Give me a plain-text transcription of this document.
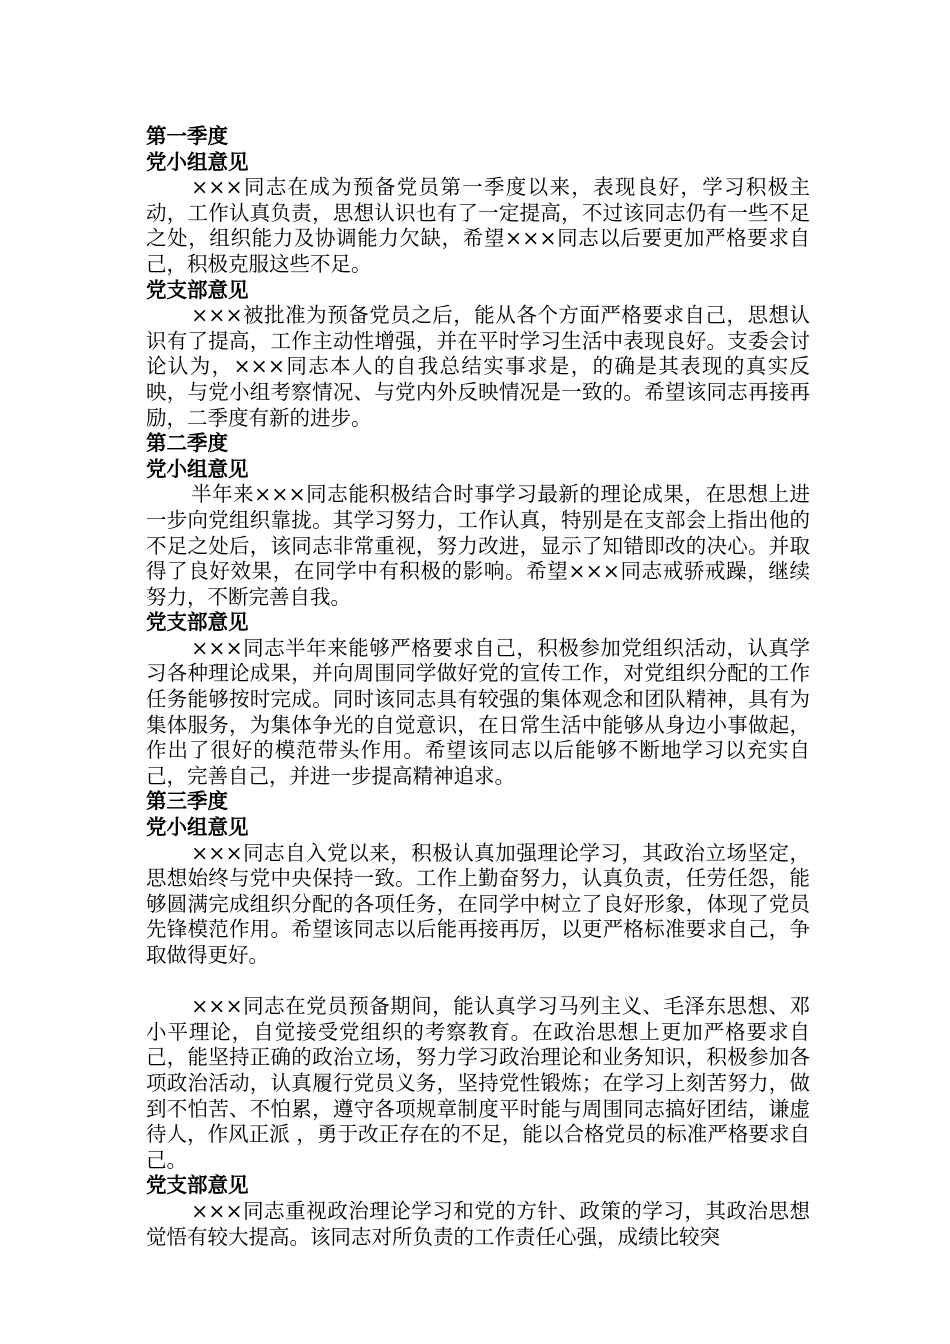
第一季度

党小组意见

×××同志在成为预备党员第一季度以来，表现良好，学习积极主动，工作认真负责，思想认识也有了一定提高，不过该同志仍有一些不足之处，组织能力及协调能力欠缺，希望×××同志以后要更加严格要求自己，积极克服这些不足。

党支部意见

×××被批准为预备党员之后，能从各个方面严格要求自己，思想认识有了提高，工作主动性增强，并在平时学习生活中表现良好。支委会讨论认为，×××同志本人的自我总结实事求是，的确是其表现的真实反映，与党小组考察情况、与党内外反映情况是一致的。希望该同志再接再励，二季度有新的进步。

第二季度

党小组意见

半年来×××同志能积极结合时事学习最新的理论成果，在思想上进一步向党组织靠拢。其学习努力，工作认真，特别是在支部会上指出他的不足之处后，该同志非常重视，努力改进，显示了知错即改的决心。并取得了良好效果，在同学中有积极的影响。希望×××同志戒骄戒躁，继续努力，不断完善自我。

党支部意见

×××同志半年来能够严格要求自己，积极参加党组织活动，认真学习各种理论成果，并向周围同学做好党的宣传工作，对党组织分配的工作任务能够按时完成。同时该同志具有较强的集体观念和团队精神，具有为集体服务，为集体争光的自觉意识，在日常生活中能够从身边小事做起，作出了很好的模范带头作用。希望该同志以后能够不断地学习以充实自己，完善自己，并进一步提高精神追求。

第三季度

党小组意见

×××同志自入党以来，积极认真加强理论学习，其政治立场坚定，思想始终与党中央保持一致。工作上勤奋努力，认真负责，任劳任怨，能够圆满完成组织分配的各项任务，在同学中树立了良好形象，体现了党员先锋模范作用。希望该同志以后能再接再厉，以更严格标准要求自己，争取做得更好。

×××同志在党员预备期间，能认真学习马列主义、毛泽东思想、邓小平理论，自觉接受党组织的考察教育。在政治思想上更加严格要求自己，能坚持正确的政治立场，努力学习政治理论和业务知识，积极参加各项政治活动，认真履行党员义务，坚持党性锻炼；在学习上刻苦努力，做到不怕苦、不怕累，遵守各项规章制度平时能与周围同志搞好团结，谦虚待人，作风正派 ，勇于改正存在的不足，能以合格党员的标准严格要求自己。

党支部意见

×××同志重视政治理论学习和党的方针、政策的学习，其政治思想觉悟有较大提高。该同志对所负责的工作责任心强，成绩比较突
